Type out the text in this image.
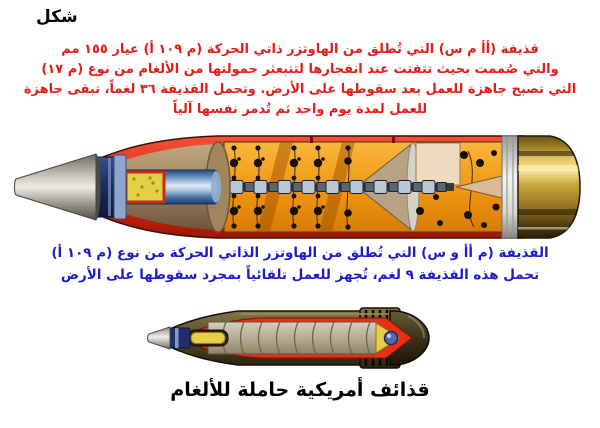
شكل
قذيفة (أأ م س) التي تُطلق من الهاوتزر ذاتي الحركة (م ١٠٩ أ) عيار ١٥٥ مم
والتي صُممت بحيث تتفتت عند انفجارها لتتبعثر حمولتها من الألغام من نوع (م ١٧)
التي تصبح جاهزة للعمل بعد سقوطها على الأرض. وتحمل القذيفة ٣٦ لغماً، تبقى جاهزة
للعمل لمدة يوم واحد ثم تُدمر نفسها آلياً
القذيفة (م أأ و س) التي تُطلق من الهاوتزر الذاتي الحركة من نوع (م ١٠٩ أ)
تحمل هذه القذيفة ٩ لغم، تُجهز للعمل تلقائياً بمجرد سقوطها على الأرض
قذائف أمريكية حاملة للألغام
